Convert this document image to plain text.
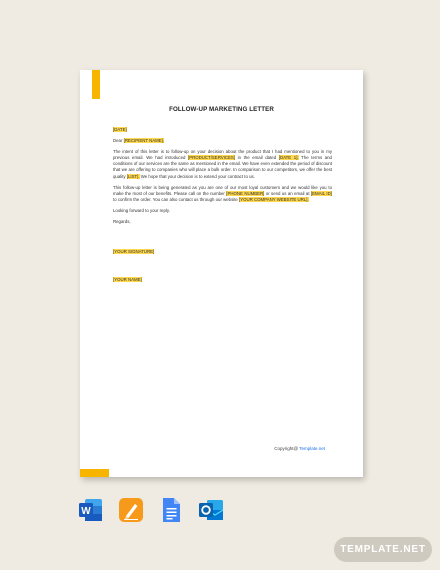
FOLLOW-UP MARKETING LETTER

[DATE]

Dear [RECIPIENT NAME],

The intent of this letter is to follow-up on your decision about the product that I had mentioned to you in my previous email. We had introduced [PRODUCT/SERVICES] in the email dated [DATE 1]. The terms and conditions of our services are the same as mentioned in the email. We have even extended the period of discount that we are offering to companies who will place a bulk order. In comparison to our competitors, we offer the best quality [LIST]. We hope that your decision is to extend your contract to us.

This follow-up letter is being generated as you are one of our most loyal customers and we would like you to make the most of our benefits. Please call on the number [PHONE NUMBER] or send us an email at [EMAIL ID] to confirm the order. You can also contact us through our website [YOUR COMPANY WEBSITE URL].

Looking forward to your reply.

Regards,

[YOUR SIGNATURE]

[YOUR NAME]

Copyright@ Template.net
W
TEMPLATE.NET
